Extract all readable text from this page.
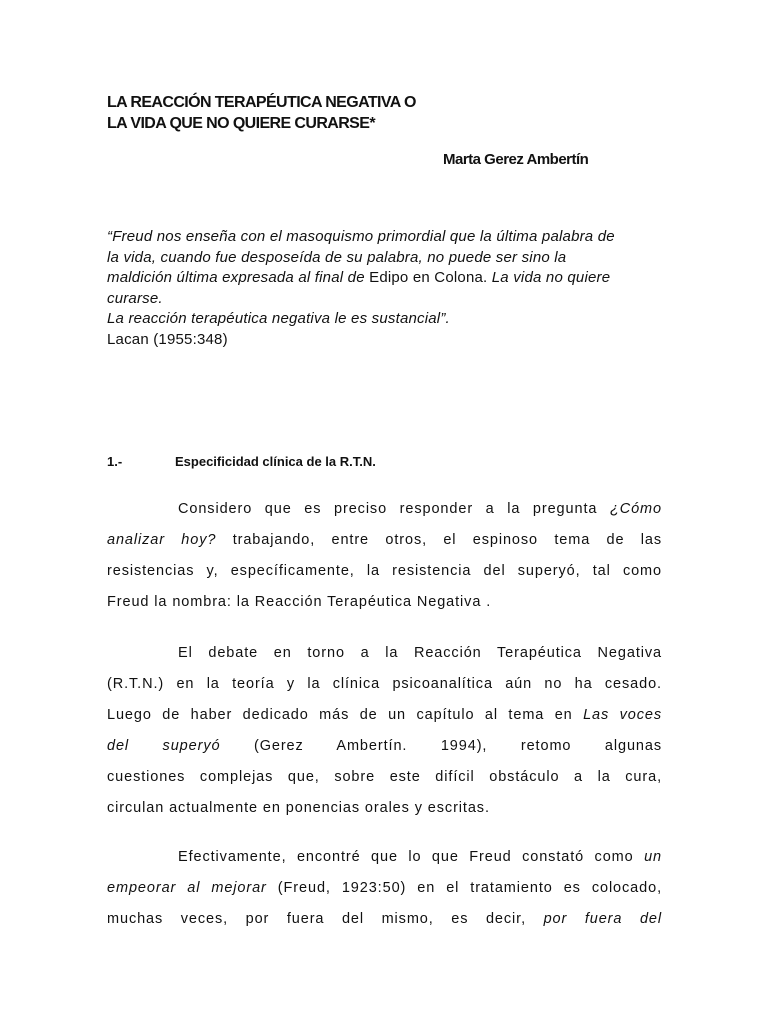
LA REACCIÓN TERAPÉUTICA NEGATIVA O
LA VIDA QUE NO QUIERE CURARSE*
Marta Gerez Ambertín
“Freud nos enseña con el masoquismo primordial que la última palabra de
la vida, cuando fue desposeída de su palabra, no puede ser sino la
maldición última expresada al final de Edipo en Colona. La vida no quiere
curarse.
La reacción terapéutica negativa le es sustancial”.
Lacan (1955:348)
1.-	Especificidad clínica de la R.T.N.
Considero que es preciso responder a la pregunta ¿Cómo
analizar hoy? trabajando, entre otros, el espinoso tema de las
resistencias y, específicamente, la resistencia del superyó, tal como
Freud la nombra: la Reacción Terapéutica Negativa .
El debate en torno a la Reacción Terapéutica Negativa
(R.T.N.) en la teoría y la clínica psicoanalítica aún no ha cesado.
Luego de haber dedicado más de un capítulo al tema en Las voces
del superyó (Gerez Ambertín. 1994), retomo algunas
cuestiones complejas que, sobre este difícil obstáculo a la cura,
circulan actualmente en ponencias orales y escritas.
Efectivamente, encontré que lo que Freud constató como un
empeorar al mejorar (Freud, 1923:50) en el tratamiento es colocado,
muchas veces, por fuera del mismo, es decir, por fuera del
